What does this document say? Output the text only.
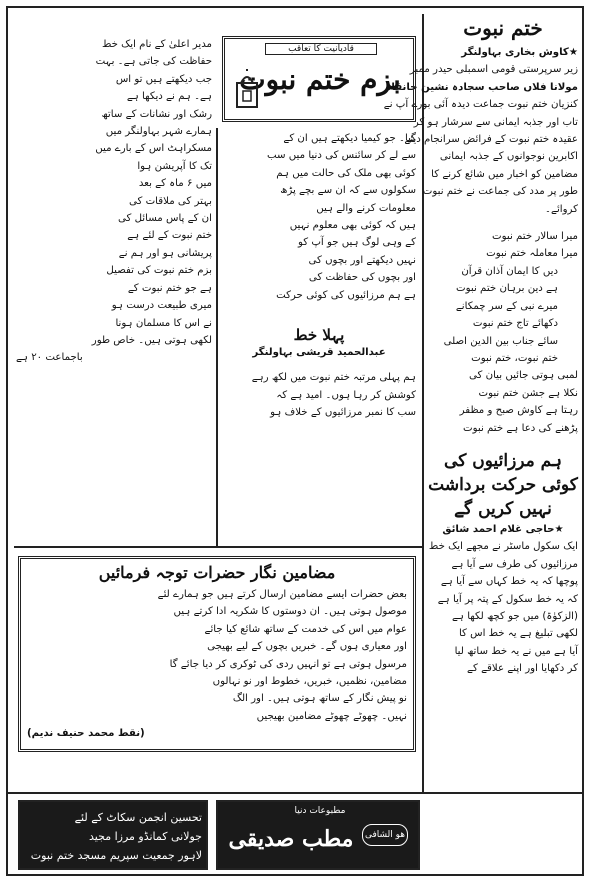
ختم نبوت
★کاوش بخاری بہاولنگر
زیر سرپرستی قومی اسمبلی حیدر ممبر
مولانا فلاں صاحب سجادہ نشین خانقاہ
کنزیان ختم نبوت جماعت دیدہ آئی بورے آپ نے
تاب اور جذبہ ایمانی سے سرشار ہو کر
عقیدہ ختم نبوت کے فرائض سرانجام دیئے
اکابرین نوجوانوں کے جذبہ ایمانی
مضامین کو اخبار میں شائع کرنے کا
طور پر مدد کی جماعت نے ختم نبوت
کروائے۔
میرا سالار ختم نبوت
میرا معاملہ ختم نبوت
دیں کا ایمان آذان قرآن
ہے دین برہان ختم نبوت
میرے نبی کے سر چمکانے
دکھائے تاج ختم نبوت
سائے جناب بین الدین اصلی
ختم نبوت، ختم نبوت
لمبی ہوتی جائیں بیان کی
نکلا ہے جشن ختم نبوت
رہتا ہے کاوش صبح و مظفر
پڑھنے کی دعا ہے ختم نبوت
ہم مرزائیوں کی کوئی حرکت برداشت نہیں کریں گے
★حاجی غلام احمد شائق
ایک سکول ماسٹر نے مجھے ایک خط
مرزائیوں کی طرف سے آیا ہے
پوچھا کہ یہ خط کہاں سے آیا ہے
کہ یہ خط سکول کے پتہ پر آیا ہے
(الزکوٰۃ) میں جو کچھ لکھا ہے
لکھی تبلیغ ہے یہ خط اس کا
آیا ہے میں نے یہ خط ساتھ لیا
کر دکھایا اور اپنے علاقے کے
قادیانیت کا تعاقب
بزم ختم نبوت
گیا۔ جو کیمیا دیکھتے ہیں ان کے
سے لے کر سائنس کی دنیا میں سب
کوئی بھی ملک کی حالت میں ہم
سکولوں سے کہ ان سے بچے پڑھ
معلومات کرنے والے ہیں
ہیں کہ کوئی بھی معلوم نہیں
کے وہی لوگ ہیں جو آپ کو
نہیں دیکھتے اور بچوں کی
اور بچوں کی حفاظت کی
ہے ہم مرزائیوں کی کوئی حرکت
پہلا خط
عبدالحمید قریشی بہاولنگر
ہم پہلی مرتبہ ختم نبوت میں لکھ رہے
کوشش کر رہا ہوں۔ امید ہے کہ
سب کا نمبر مرزائیوں کے خلاف ہو
مدیر اعلیٰ کے نام ایک خط
حفاظت کی جاتی ہے۔ بہت
جب دیکھتے ہیں تو اس
ہے۔ ہم نے دیکھا ہے
رشک اور نشانات کے ساتھ
ہمارے شہر بہاولنگر میں
مسکراہٹ اس کے بارے میں
تک کا آپریشن ہوا
میں ۶ ماہ کے بعد
بہتر کی ملاقات کی
ان کے پاس مسائل کی
ختم نبوت کے لئے ہے
پریشانی ہو اور ہم نے
بزم ختم نبوت کی تفصیل
ہے جو ختم نبوت کے
میری طبیعت درست ہو
نے اس کا مسلمان ہونا
لکھی ہوتی ہیں۔ خاص طور
باجماعت ۲۰ ہے
مضامین نگار حضرات توجہ فرمائیں
بعض حضرات ایسے مضامین ارسال کرتے ہیں جو ہمارے لئے
موصول ہوتی ہیں۔ ان دوستوں کا شکریہ ادا کرتے ہیں
عوام میں اس کی خدمت کے ساتھ شائع کیا جائے
اور معیاری ہوں گے۔ خبریں بچوں کے لیے بھیجی
مرسول ہوتی ہے تو انہیں ردی کی ٹوکری کر دیا جائے گا
مضامین، نظمیں، خبریں، خطوط اور نو نہالوں
نو پیش نگار کے ساتھ ہوتی ہیں۔ اور الگ
نہیں۔ چھوٹے چھوٹے مضامین بھیجیں
(نقط محمد حنیف ندیم)
تحسین انجمن سکاٹ کے لئے
جولانی کمانڈو مرزا مجید
لاہور جمعیت سپریم مسجد ختم نبوت
مطبوعات دنیا
ھو الشافی
مطب صدیقی
